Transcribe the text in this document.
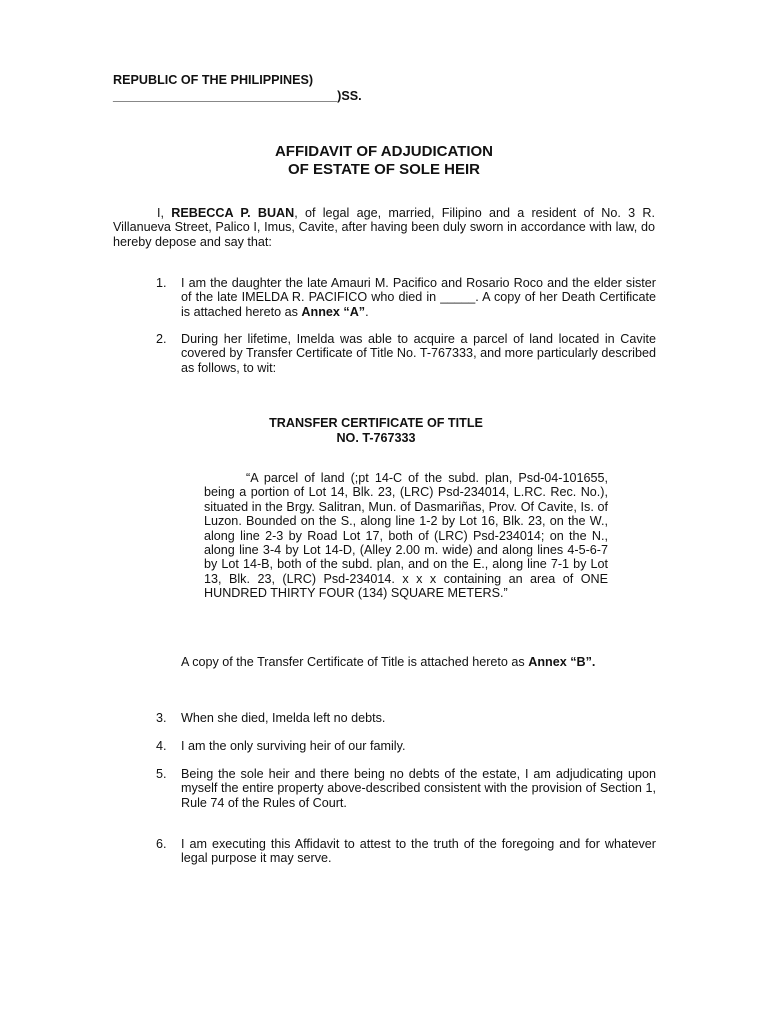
REPUBLIC OF THE PHILIPPINES)
________________________________)SS.
AFFIDAVIT OF ADJUDICATION
OF ESTATE OF SOLE HEIR
I, REBECCA P. BUAN, of legal age, married, Filipino and a resident of No. 3 R. Villanueva Street, Palico I, Imus, Cavite, after having been duly sworn in accordance with law, do hereby depose and say that:
1.	I am the daughter the late Amauri M. Pacifico and Rosario Roco and the elder sister of the late IMELDA R. PACIFICO who died in _____. A copy of her Death Certificate is attached hereto as Annex “A”.
2.	During her lifetime, Imelda was able to acquire a parcel of land located in Cavite covered by Transfer Certificate of Title No. T-767333, and more particularly described as follows, to wit:
TRANSFER CERTIFICATE OF TITLE
NO. T-767333
“A parcel of land (;pt 14-C of the subd. plan, Psd-04-101655, being a portion of Lot 14, Blk. 23, (LRC) Psd-234014, L.RC. Rec. No.), situated in the Brgy. Salitran, Mun. of Dasmariñas, Prov. Of Cavite, Is. of Luzon. Bounded on the S., along line 1-2 by Lot 16, Blk. 23, on the W., along line 2-3 by Road Lot 17, both of (LRC) Psd-234014; on the N., along line 3-4 by Lot 14-D, (Alley 2.00 m. wide) and along lines 4-5-6-7 by Lot 14-B, both of the subd. plan, and on the E., along line 7-1 by Lot 13, Blk. 23, (LRC) Psd-234014. x x x containing an area of ONE HUNDRED THIRTY FOUR (134) SQUARE METERS.”
A copy of the Transfer Certificate of Title is attached hereto as Annex “B”.
3.	When she died, Imelda left no debts.
4.	I am the only surviving heir of our family.
5.	Being the sole heir and there being no debts of the estate, I am adjudicating upon myself the entire property above-described consistent with the provision of Section 1, Rule 74 of the Rules of Court.
6.	I am executing this Affidavit to attest to the truth of the foregoing and for whatever legal purpose it may serve.
